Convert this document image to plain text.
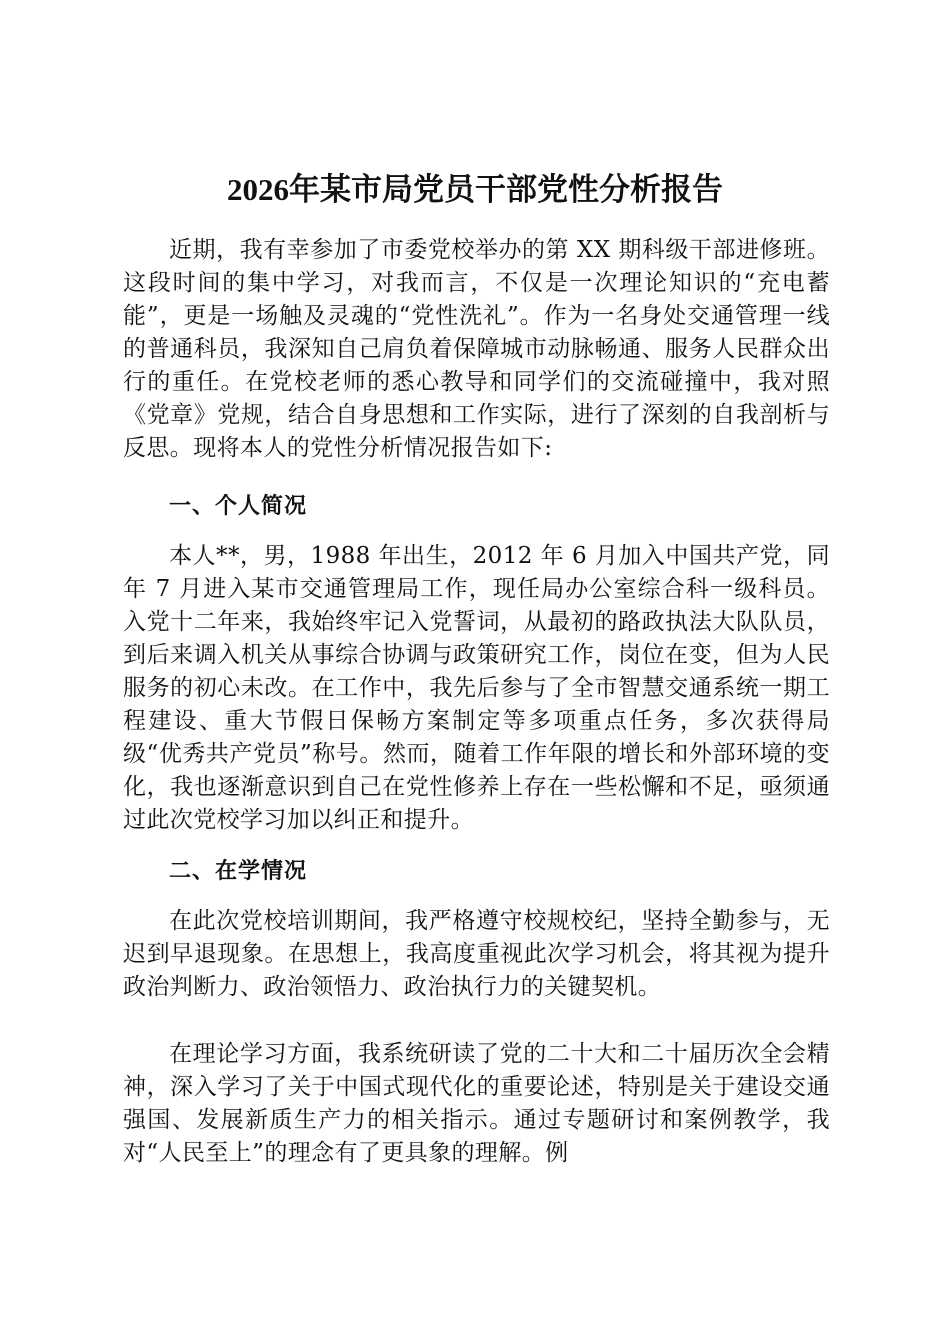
2026年某市局党员干部党性分析报告

近期，我有幸参加了市委党校举办的第 XX 期科级干部进修班。这段时间的集中学习，对我而言，不仅是一次理论知识的“充电蓄能”，更是一场触及灵魂的“党性洗礼”。作为一名身处交通管理一线的普通科员，我深知自己肩负着保障城市动脉畅通、服务人民群众出行的重任。在党校老师的悉心教导和同学们的交流碰撞中，我对照《党章》党规，结合自身思想和工作实际，进行了深刻的自我剖析与反思。现将本人的党性分析情况报告如下:

一、个人简况

本人**，男，1988 年出生，2012 年 6 月加入中国共产党，同年 7 月进入某市交通管理局工作，现任局办公室综合科一级科员。入党十二年来，我始终牢记入党誓词，从最初的路政执法大队队员，到后来调入机关从事综合协调与政策研究工作，岗位在变，但为人民服务的初心未改。在工作中，我先后参与了全市智慧交通系统一期工程建设、重大节假日保畅方案制定等多项重点任务，多次获得局级“优秀共产党员”称号。然而，随着工作年限的增长和外部环境的变化，我也逐渐意识到自己在党性修养上存在一些松懈和不足，亟须通过此次党校学习加以纠正和提升。

二、在学情况

在此次党校培训期间，我严格遵守校规校纪，坚持全勤参与，无迟到早退现象。在思想上，我高度重视此次学习机会，将其视为提升政治判断力、政治领悟力、政治执行力的关键契机。

在理论学习方面，我系统研读了党的二十大和二十届历次全会精神，深入学习了关于中国式现代化的重要论述，特别是关于建设交通强国、发展新质生产力的相关指示。通过专题研讨和案例教学，我对“人民至上”的理念有了更具象的理解。例
